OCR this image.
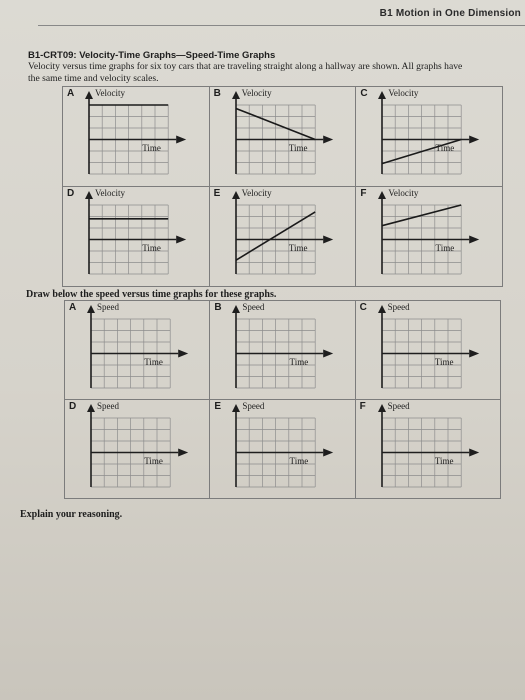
B1 Motion in One Dimension
B1-CRT09: Velocity-Time Graphs—Speed-Time Graphs
Velocity versus time graphs for six toy cars that are traveling straight along a hallway are shown. All graphs have
the same time and velocity scales.
A Velocity
Time
B Velocity
Time
C Velocity
Time
D Velocity
Time
E Velocity
Time
F Velocity
Time
Draw below the speed versus time graphs for these graphs.
A Speed
Time
B Speed
Time
C Speed
Time
D Speed
Time
E Speed
Time
F Speed
Time
Explain your reasoning.
